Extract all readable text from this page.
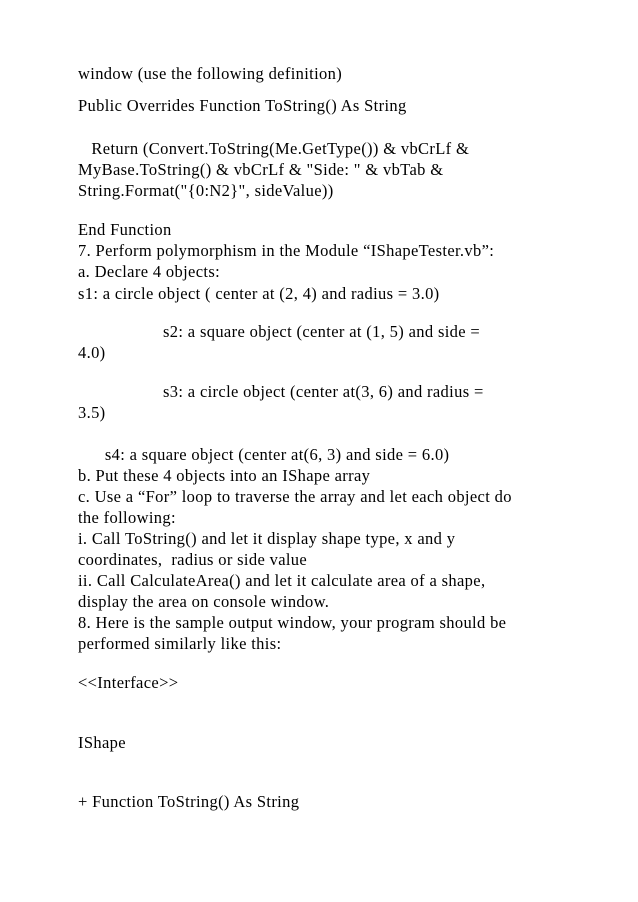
window (use the following definition)

Public Overrides Function ToString() As String

Return (Convert.ToString(Me.GetType()) & vbCrLf &

MyBase.ToString() & vbCrLf & "Side: " & vbTab &

String.Format("{0:N2}", sideValue))

End Function

7. Perform polymorphism in the Module “IShapeTester.vb”:

a. Declare 4 objects:

s1: a circle object ( center at (2, 4) and radius = 3.0)

s2: a square object (center at (1, 5) and side =

4.0)

s3: a circle object (center at(3, 6) and radius =

3.5)

s4: a square object (center at(6, 3) and side = 6.0)

b. Put these 4 objects into an IShape array

c. Use a “For” loop to traverse the array and let each object do

the following:

i. Call ToString() and let it display shape type, x and y

coordinates,  radius or side value

ii. Call CalculateArea() and let it calculate area of a shape,

display the area on console window.

8. Here is the sample output window, your program should be

performed similarly like this:

<<Interface>>

IShape

+ Function ToString() As String
